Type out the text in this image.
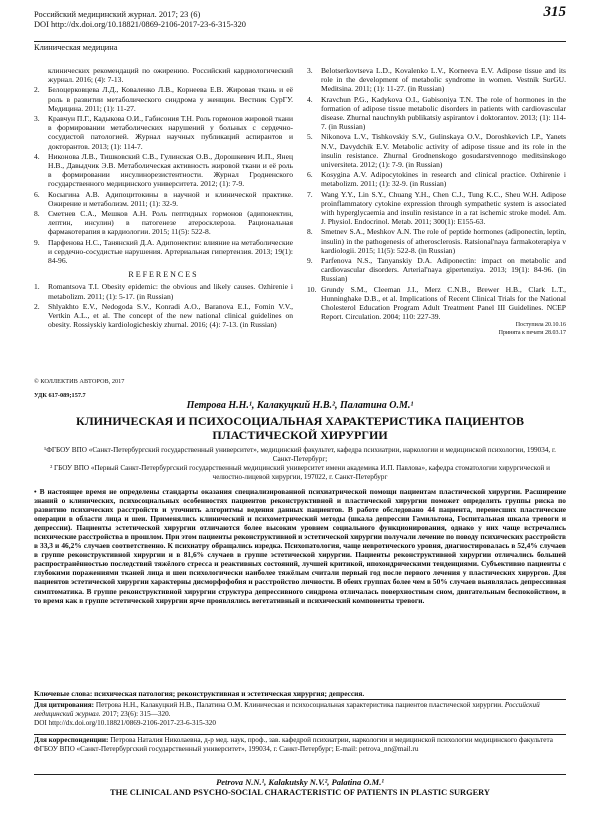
Российский медицинский журнал. 2017; 23 (6)
DOI http://dx.doi.org/10.18821/0869-2106-2017-23-6-315-320
315
Клиническая медицина
клинических рекомендаций по ожирению. Российский кардиологический журнал. 2016; (4): 7-13.
2.	Белоцерковцева Л.Д., Коваленко Л.В., Корнеева Е.В. Жировая ткань и её роль в развитии метаболического синдрома у женщин. Вестник СурГУ. Медицина. 2011; (1): 11-27.
3.	Кравчун П.Г., Кадыкова О.И., Габисония Т.Н. Роль гормонов жировой ткани в формировании метаболических нарушений у больных с сердечно-сосудистой патологией. Журнал научных публикаций аспирантов и докторантов. 2013; (1): 114-7.
4.	Никонова Л.В., Тишковский С.В., Гулинская О.В., Дорошкевич И.П., Янец Н.В., Давыдчик Э.В. Метаболическая активность жировой ткани и её роль в формировании инсулинорезистентности. Журнал Гродненского государственного медицинского университета. 2012; (1): 7-9.
6.	Косыгина А.В. Адипоцитокины в научной и клинической практике. Ожирение и метаболизм. 2011; (1): 32-9.
8.	Сметнев С.А., Мешков А.Н. Роль пептидных гормонов (адипонектин, лептин, инсулин) в патогенезе атеросклероза. Рациональная фармакотерапия в кардиологии. 2015; 11(5): 522-8.
9.	Парфенова Н.С., Танянский Д.А. Адипонектин: влияние на метаболические и сердечно-сосудистые нарушения. Артериальная гипертензия. 2013; 19(1): 84-96.
REFERENCES
1.	Romantsova T.I. Obesity epidemic: the obvious and likely causes. Ozhirenie i metabolizm. 2011; (1): 5-17. (in Russian)
2.	Shlyakhto E.V., Nedogoda S.V., Konradi A.O., Baranova E.I., Fomin V.V., Vertkin A.L., et al. The concept of the new national clinical guidelines on obesity. Rossiyskiy kardiologicheskiy zhurnal. 2016; (4): 7-13. (in Russian)
3.	Belotserkovtseva L.D., Kovalenko L.V., Korneeva E.V. Adipose tissue and its role in the development of metabolic syndrome in women. Vestnik SurGU. Meditsina. 2011; (1): 11-27. (in Russian)
4.	Kravchun P.G., Kadykova O.I., Gabisoniya T.N. The role of hormones in the formation of adipose tissue metabolic disorders in patients with cardiovascular disease. Zhurnal nauchnykh publikatsiy aspirantov i doktorantov. 2013; (1): 114-7. (in Russian)
5.	Nikonova L.V., Tishkovskiy S.V., Gulinskaya O.V., Doroshkevich I.P., Yanets N.V., Davydchik E.V. Metabolic activity of adipose tissue and its role in the insulin resistance. Zhurnal Grodnenskogo gosudarstvennogo meditsinskogo universiteta. 2012; (1): 7-9. (in Russian)
6.	Kosygina A.V. Adipocytokines in research and clinical practice. Ozhirenie i metabolizm. 2011; (1): 32-9. (in Russian)
7.	Wang Y.Y., Lin S.Y., Chuang Y.H., Chen C.J., Tung K.C., Sheu W.H. Adipose proinflammatory cytokine expression through sympathetic system is associated with hyperglycaemia and insulin resistance in a rat ischemic stroke model. Am. J. Physiol. Endocrinol. Metab. 2011; 300(1): E155-63.
8.	Smetnev S.A., Meshkov A.N. The role of peptide hormones (adiponectin, leptin, insulin) in the pathogenesis of atherosclerosis. Ratsional'naya farmakoterapiya v kardiologii. 2015; 11(5): 522-8. (in Russian)
9.	Parfenova N.S., Tanyanskiy D.A. Adiponectin: impact on metabolic and cardiovascular disorders. Arterial'naya gipertenziya. 2013; 19(1): 84-96. (in Russian)
10. Grundy S.M., Cleeman J.I., Merz C.N.B., Brewer H.B., Clark L.T., Hunninghake D.B., et al. Implications of Recent Clinical Trials for the National Cholesterol Education Program Adult Treatment Panel III Guidelines. NCEP Report. Circulation. 2004; 110: 227-39.
Поступила 20.10.16
Принята к печати 28.03.17
© КОЛЛЕКТИВ АВТОРОВ, 2017
УДК 617-089;157.7
Петрова Н.Н.¹, Калакуцкий Н.В.², Палатина О.М.¹
КЛИНИЧЕСКАЯ И ПСИХОСОЦИАЛЬНАЯ ХАРАКТЕРИСТИКА ПАЦИЕНТОВ ПЛАСТИЧЕСКОЙ ХИРУРГИИ
¹ФГБОУ ВПО «Санкт-Петербургский государственный университет», медицинский факультет, кафедра психиатрии, наркологии и медицинской психологии, 199034, г. Санкт-Петербург;
² ГБОУ ВПО «Первый Санкт-Петербургский государственный медицинский университет имени академика И.П. Павлова», кафедра стоматологии хирургической и челюстно-лицевой хирургии, 197022, г. Санкт-Петербург
• В настоящее время не определены стандарты оказания специализированной психиатрической помощи пациентам пластической хирургии. Расширение знаний о клинических, психосоциальных особенностях пациентов реконструктивной и пластической хирургии поможет определить группы риска по развитию психических расстройств и уточнить алгоритмы ведения данных пациентов. В работе обследовано 44 пациента, перенесших пластические операции в области лица и шеи. Применялись клинический и психометрический методы (шкала депрессии Гамильтона, Госпитальная шкала тревоги и депрессии). Пациенты эстетической хирургии отличаются более высоким уровнем социального функционирования, однако у них чаще встречались психические расстройства в прошлом. При этом пациенты реконструктивной и эстетической хирургии получали лечение по поводу психических расстройств в 33,3 и 46,2% случаев соответственно. К психиатру обращались изредка. Психопатология, чаще невротического уровня, диагностировалась в 52,4% случаев в группе реконструктивной хирургии и в 81,6% случаев в группе эстетической хирургии. Пациенты реконструктивной хирургии отличались большей распространённостью последствий тяжёлого стресса и реактивных состояний, лучшей критикой, ипохондрическими тенденциями. Субъективно пациенты с глубокими поражениями тканей лица и шеи психологически наиболее тяжёлым считали первый год после первого лечения у пластических хирургов. Для пациентов эстетической хирургии характерны дисморфофобия и расстройство личности. В обеих группах более чем в 50% случаев выявлялась депрессивная симптоматика. В группе реконструктивной хирургии структура депрессивного синдрома отличалась поверхностным сном, двигательным беспокойством, в то время как в группе эстетической хирургии ярче проявлялись вегетативный и психический компоненты тревоги.
Ключевые слова: психическая патология; реконструктивная и эстетическая хирургия; депрессия.
Для цитирования: Петрова Н.Н., Калакуцкий Н.В., Палатина О.М. Клиническая и психосоциальная характеристика пациентов пластической хирургии. Российский медицинский журнал. 2017; 23(6): 315—320.
DOI http://dx.doi.org/10.18821/0869-2106-2017-23-6-315-320
Для корреспонденции: Петрова Наталия Николаевна, д-р мед. наук, проф., зав. кафедрой психиатрии, наркологии и медицинской психологии медицинского факультета ФГБОУ ВПО «Санкт-Петербургский государственный университет», 199034, г. Санкт-Петербург; E-mail: petrova_nn@mail.ru
Petrova N.N.¹, Kalakutsky N.V.², Palatina O.M.¹
THE CLINICAL AND PSYCHO-SOCIAL CHARACTERISTIC OF PATIENTS IN PLASTIC SURGERY
